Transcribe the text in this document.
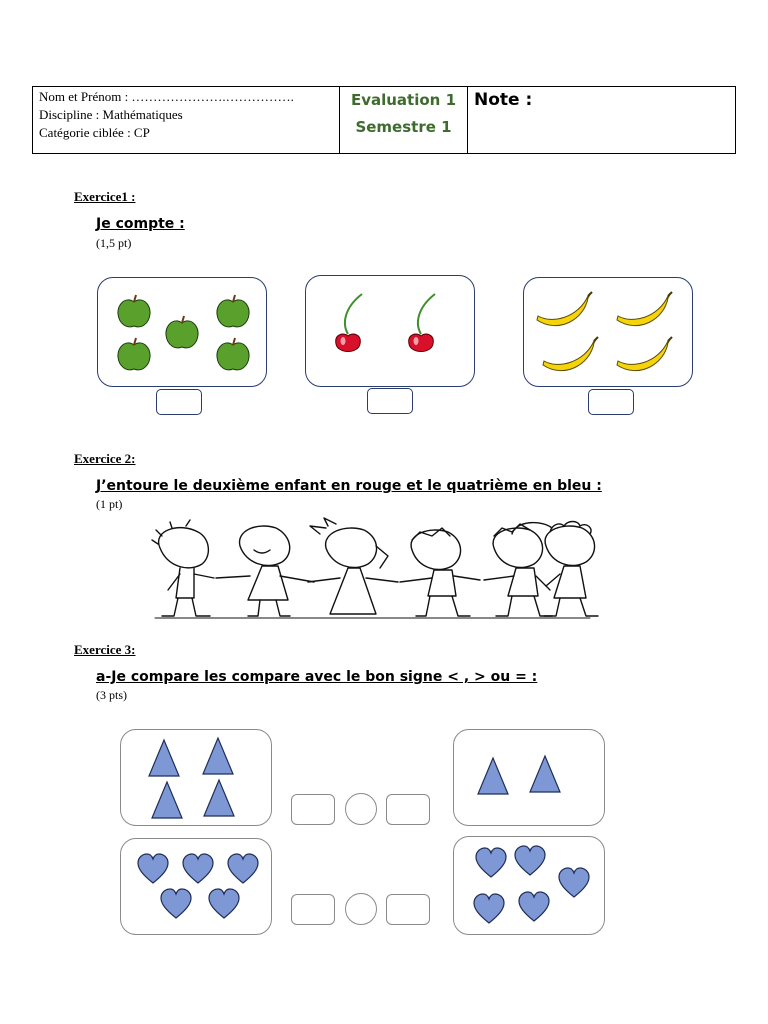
Nom et Prénom : ………………….…………….
Discipline : Mathématiques
Catégorie ciblée : CP

Evaluation 1
Semestre 1
	Note :
Exercice1 :
Je compte :
(1,5 pt)
Exercice 2:
J’entoure le deuxième enfant en rouge et le quatrième en bleu :
(1 pt)
Exercice 3:
a-Je compare les compare avec le bon signe < , > ou = :
(3 pts)
